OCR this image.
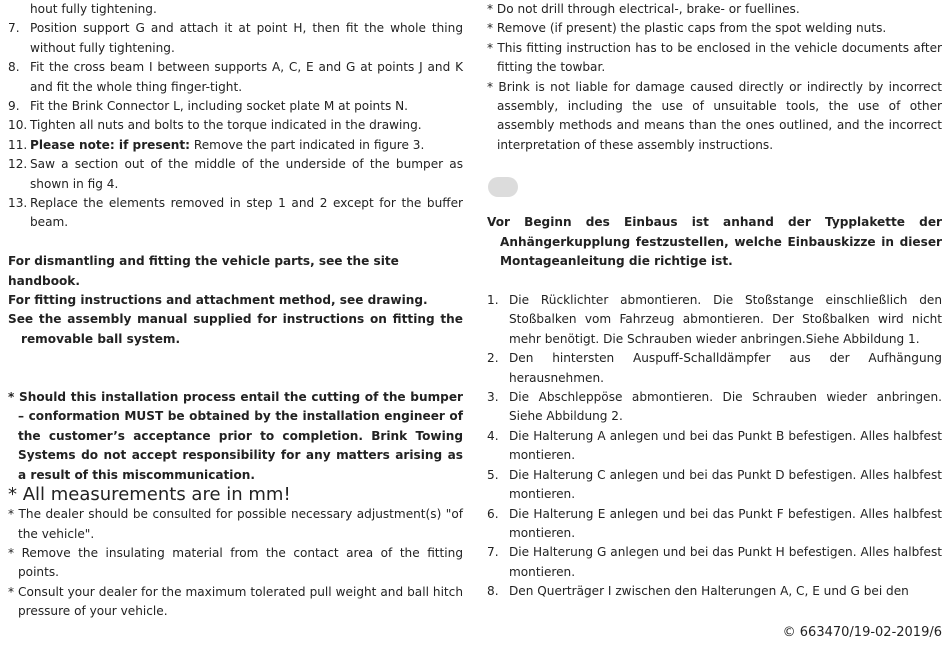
hout fully tightening.
7. Position support G and attach it at point H, then fit the whole thing without fully tightening.
8. Fit the cross beam I between supports A, C, E and G at points J and K and fit the whole thing finger-tight.
9. Fit the Brink Connector L, including socket plate M at points N.
10. Tighten all nuts and bolts to the torque indicated in the drawing.
11. Please note: if present: Remove the part indicated in figure 3.
12. Saw a section out of the middle of the underside of the bumper as shown in fig 4.
13. Replace the elements removed in step 1 and 2 except for the buffer beam.
For dismantling and fitting the vehicle parts, see the site handbook.
For fitting instructions and attachment method, see drawing.
See the assembly manual supplied for instructions on fitting the removable ball system.
* Should this installation process entail the cutting of the bumper – conformation MUST be obtained by the installation engineer of the customer’s acceptance prior to completion. Brink Towing Systems do not accept responsibility for any matters arising as a result of this miscommunication.
* All measurements are in mm!
* The dealer should be consulted for possible necessary adjustment(s) "of the vehicle".
* Remove the insulating material from the contact area of the fitting points.
* Consult your dealer for the maximum tolerated pull weight and ball hitch pressure of your vehicle.
* Do not drill through electrical-, brake- or fuellines.
* Remove (if present) the plastic caps from the spot welding nuts.
* This fitting instruction has to be enclosed in the vehicle documents after fitting the towbar.
* Brink is not liable for damage caused directly or indirectly by incorrect assembly, including the use of unsuitable tools, the use of other assembly methods and means than the ones outlined, and the incorrect interpretation of these assembly instructions.
Vor Beginn des Einbaus ist anhand der Typplakette der Anhängerkupplung festzustellen, welche Einbauskizze in dieser Montageanleitung die richtige ist.
1. Die Rücklichter abmontieren. Die Stoßstange einschließlich den Stoßbalken vom Fahrzeug abmontieren. Der Stoßbalken wird nicht mehr benötigt. Die Schrauben wieder anbringen.Siehe Abbildung 1.
2. Den hintersten Auspuff-Schalldämpfer aus der Aufhängung herausnehmen.
3. Die Abschleppöse abmontieren. Die Schrauben wieder anbringen. Siehe Abbildung 2.
4. Die Halterung A anlegen und bei das Punkt B befestigen. Alles halbfest montieren.
5. Die Halterung C anlegen und bei das Punkt D befestigen. Alles halbfest montieren.
6. Die Halterung E anlegen und bei das Punkt F befestigen. Alles halbfest montieren.
7. Die Halterung G anlegen und bei das Punkt H befestigen. Alles halbfest montieren.
8. Den Querträger I zwischen den Halterungen A, C, E und G bei den
© 663470/19-02-2019/6
